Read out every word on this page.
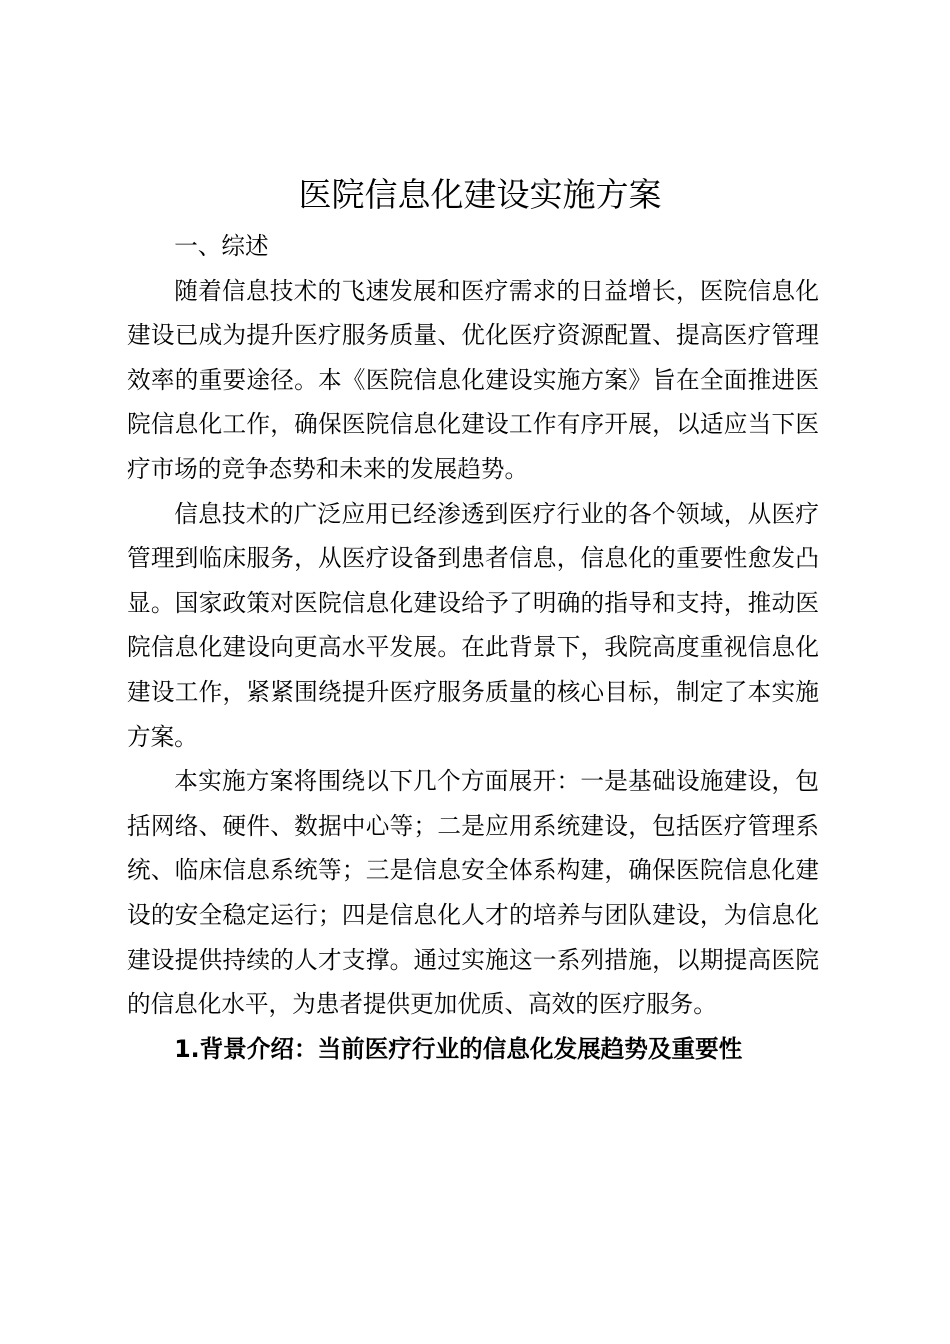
医院信息化建设实施方案

一、综述

随着信息技术的飞速发展和医疗需求的日益增长，医院信息化建设已成为提升医疗服务质量、优化医疗资源配置、提高医疗管理效率的重要途径。本《医院信息化建设实施方案》旨在全面推进医院信息化工作，确保医院信息化建设工作有序开展，以适应当下医疗市场的竞争态势和未来的发展趋势。

信息技术的广泛应用已经渗透到医疗行业的各个领域，从医疗管理到临床服务，从医疗设备到患者信息，信息化的重要性愈发凸显。国家政策对医院信息化建设给予了明确的指导和支持，推动医院信息化建设向更高水平发展。在此背景下，我院高度重视信息化建设工作，紧紧围绕提升医疗服务质量的核心目标，制定了本实施方案。

本实施方案将围绕以下几个方面展开：一是基础设施建设，包括网络、硬件、数据中心等；二是应用系统建设，包括医疗管理系统、临床信息系统等；三是信息安全体系构建，确保医院信息化建设的安全稳定运行；四是信息化人才的培养与团队建设，为信息化建设提供持续的人才支撑。通过实施这一系列措施，以期提高医院的信息化水平，为患者提供更加优质、高效的医疗服务。

1.背景介绍：当前医疗行业的信息化发展趋势及重要性
